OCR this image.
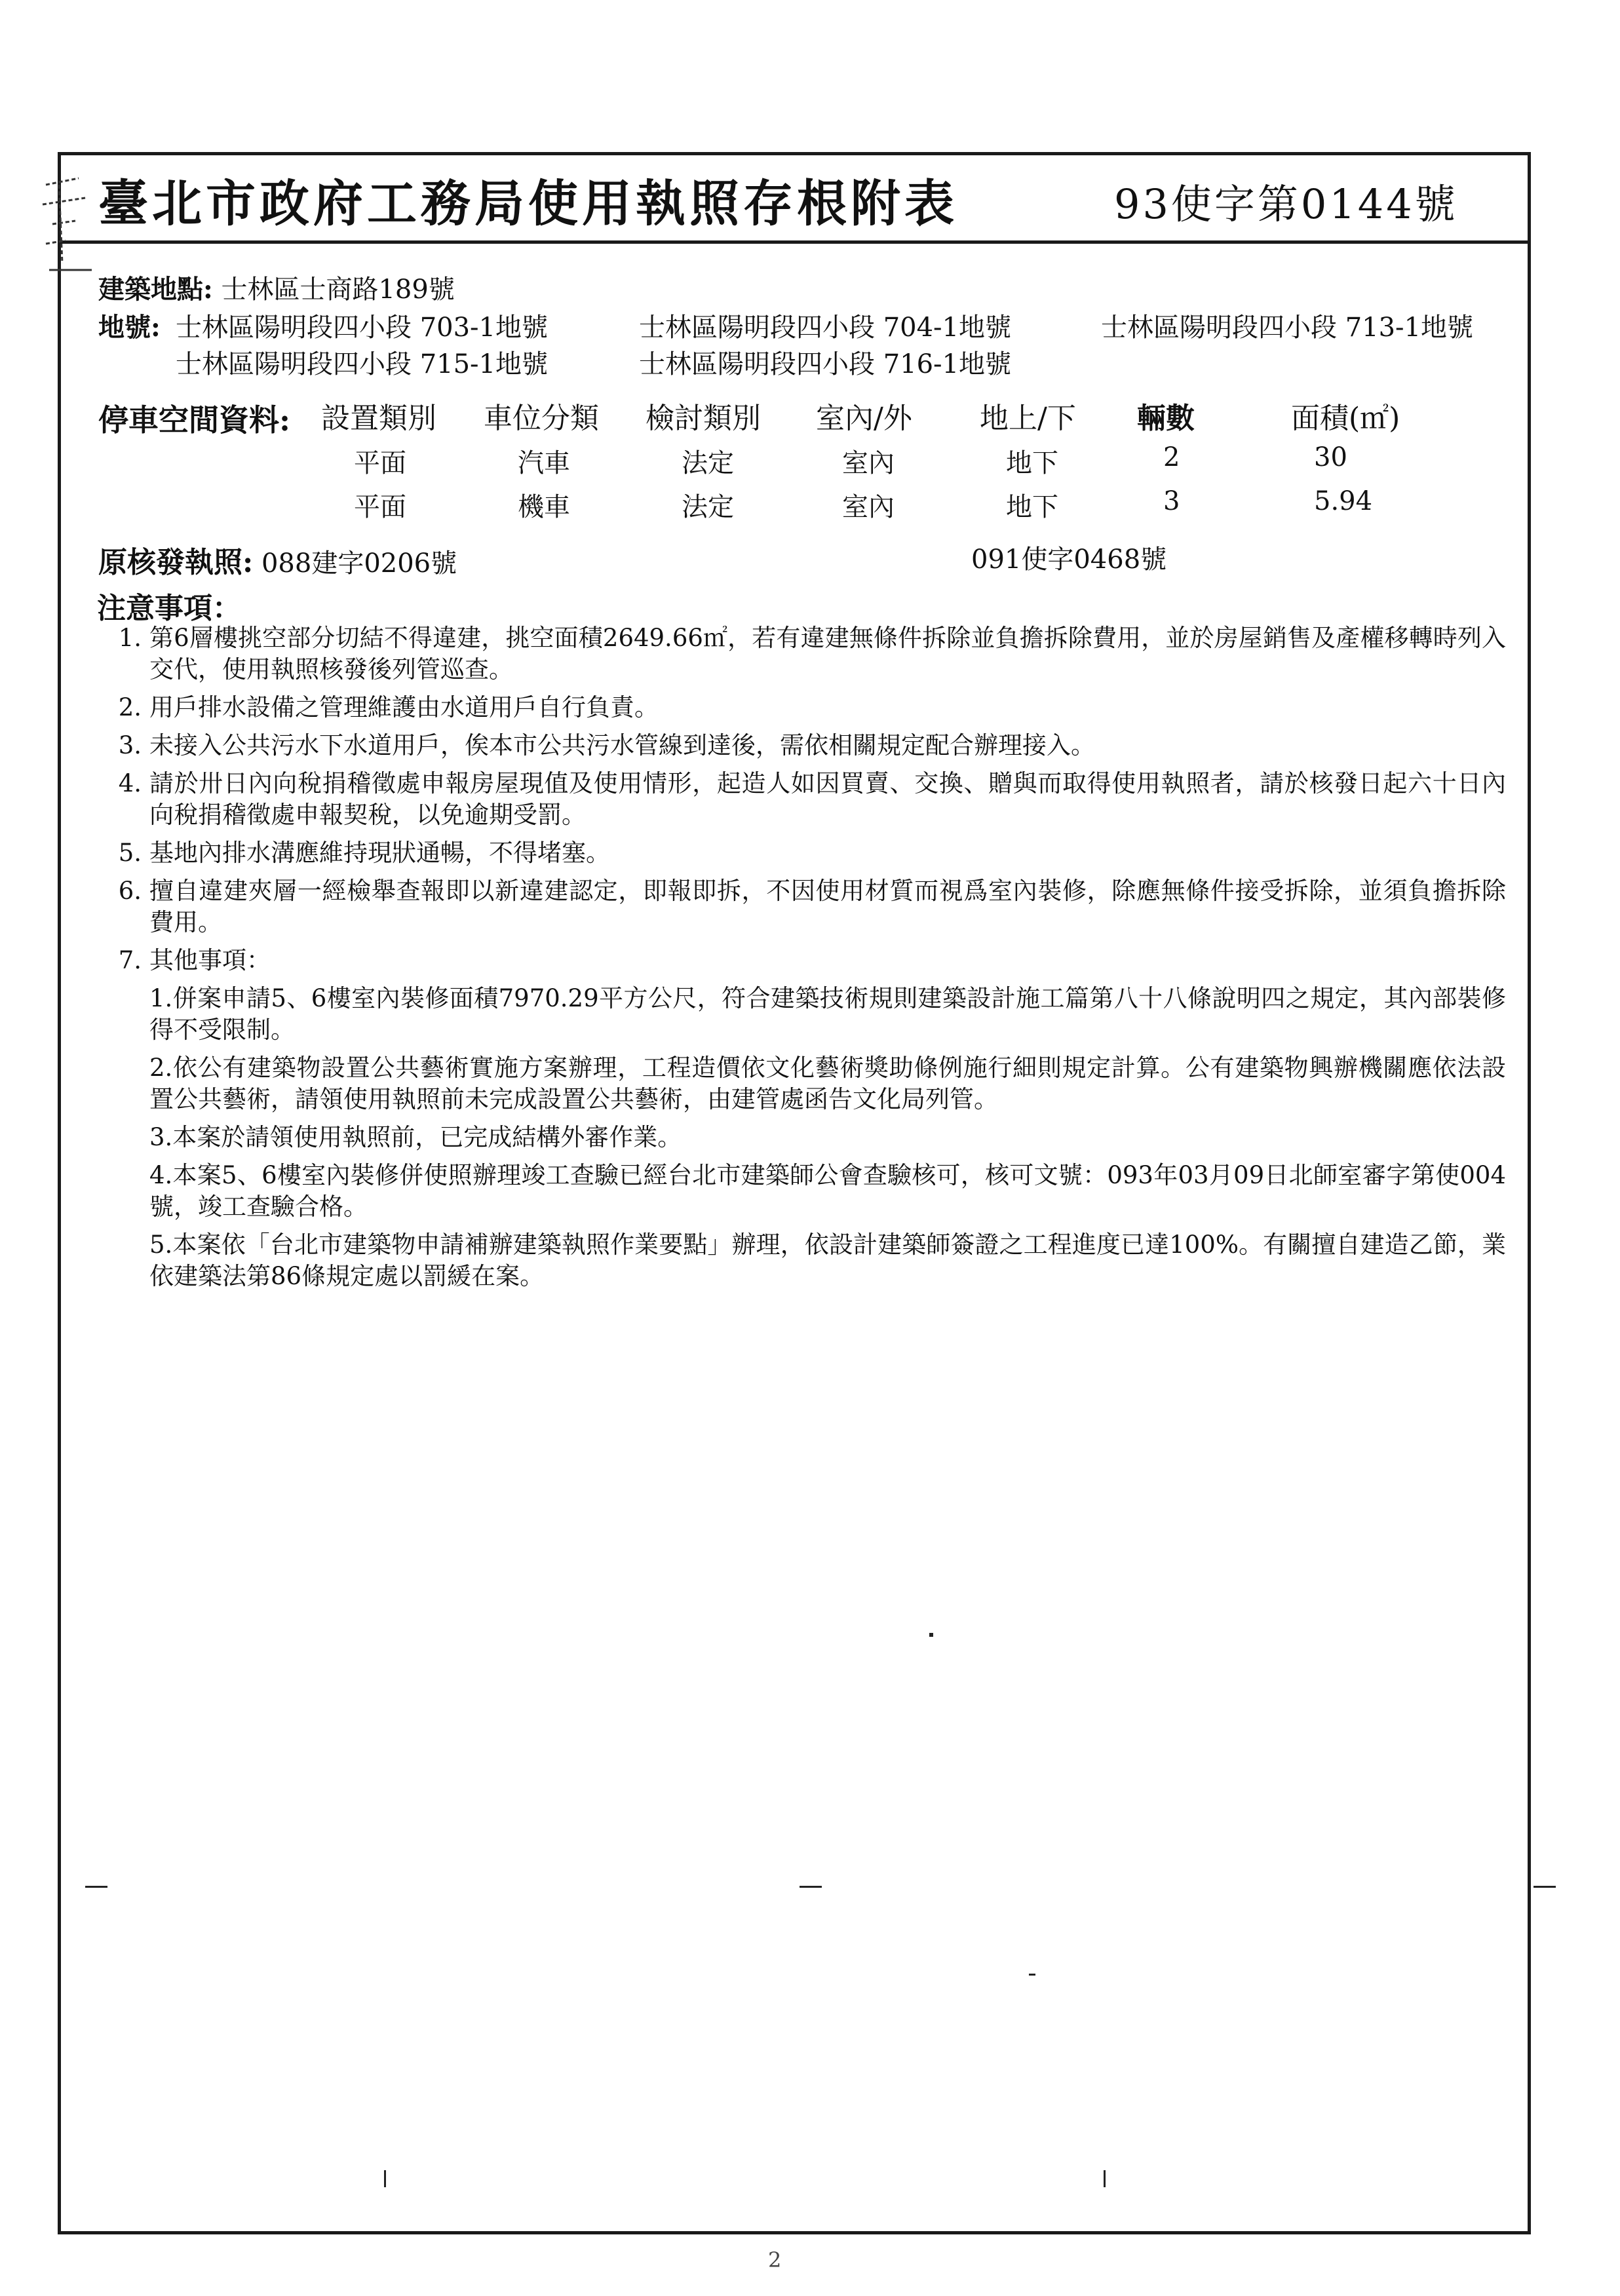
臺北市政府工務局使用執照存根附表	93使字第0144號
建築地點: 士林區士商路189號
地號: 士林區陽明段四小段 703-1地號	士林區陽明段四小段 704-1地號	士林區陽明段四小段 713-1地號
士林區陽明段四小段 715-1地號	士林區陽明段四小段 716-1地號
停車空間資料: 設置類別 車位分類 檢討類別 室內/外 地上/下 輛數	面積(㎡)
平面	汽車	法定	室內	地下	2	30
平面	機車	法定	室內	地下	3	5.94
原核發執照: 088建字0206號	091使字0468號
注意事項：
1. 第6層樓挑空部分切結不得違建，挑空面積2649.66㎡，若有違建無條件拆除並負擔拆除費用，並於房屋銷售及產權移轉時列入交代，使用執照核發後列管巡查。
2. 用戶排水設備之管理維護由水道用戶自行負責。
3. 未接入公共污水下水道用戶，俟本市公共污水管線到達後，需依相關規定配合辦理接入。
4. 請於卅日內向稅捐稽徵處申報房屋現值及使用情形，起造人如因買賣、交換、贈與而取得使用執照者，請於核發日起六十日內向稅捐稽徵處申報契稅，以免逾期受罰。
5. 基地內排水溝應維持現狀通暢，不得堵塞。
6. 擅自違建夾層一經檢舉查報即以新違建認定，即報即拆，不因使用材質而視爲室內裝修，除應無條件接受拆除，並須負擔拆除費用。
7. 其他事項：
1.併案申請5、6樓室內裝修面積7970.29平方公尺，符合建築技術規則建築設計施工篇第八十八條說明四之規定，其內部裝修得不受限制。
2.依公有建築物設置公共藝術實施方案辦理，工程造價依文化藝術獎助條例施行細則規定計算。公有建築物興辦機關應依法設置公共藝術，請領使用執照前未完成設置公共藝術，由建管處函告文化局列管。
3.本案於請領使用執照前，已完成結構外審作業。
4.本案5、6樓室內裝修併使照辦理竣工查驗已經台北市建築師公會查驗核可，核可文號：093年03月09日北師室審字第使004號，竣工查驗合格。
5.本案依「台北市建築物申請補辦建築執照作業要點」辦理，依設計建築師簽證之工程進度已達100%。有關擅自建造乙節，業依建築法第86條規定處以罰緩在案。
2
